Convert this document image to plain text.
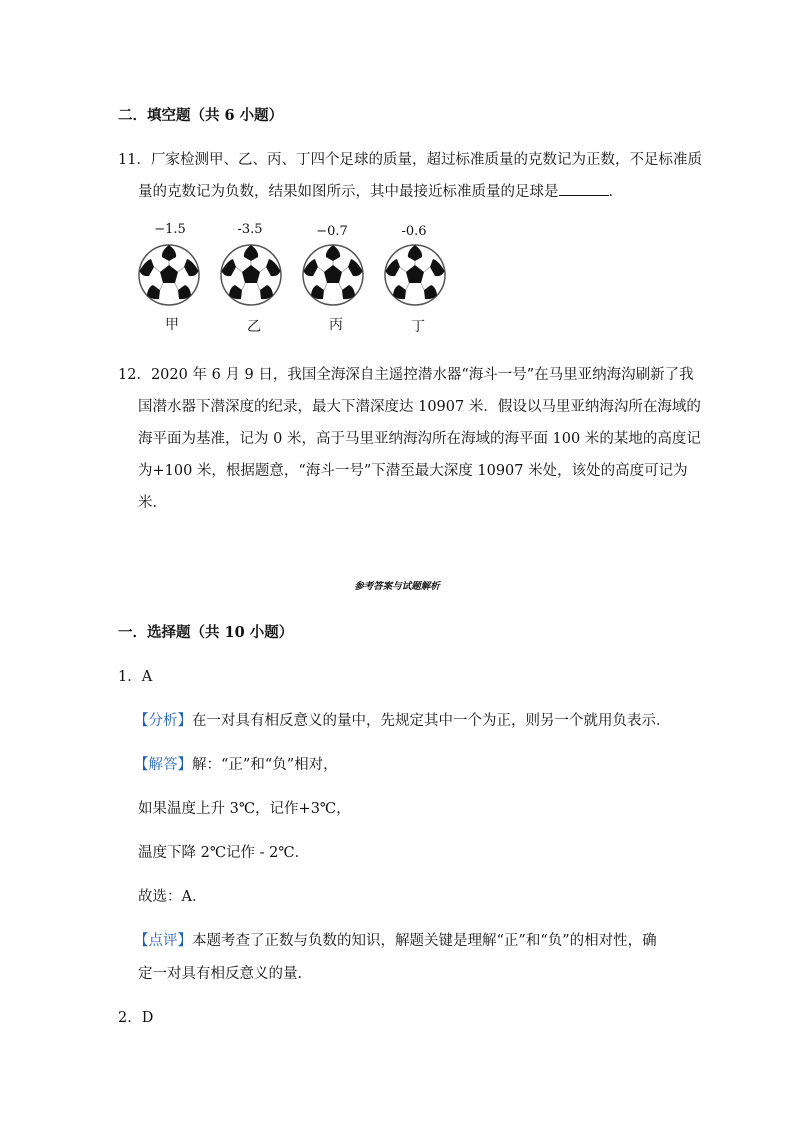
二．填空题（共 6 小题）
11．厂家检测甲、乙、丙、丁四个足球的质量，超过标准质量的克数记为正数，不足标准质
量的克数记为负数，结果如图所示，其中最接近标准质量的足球是	．
−1.5	-3.5	−0.7	-0.6
甲	乙	丙	丁
12．2020 年 6 月 9 日，我国全海深自主遥控潜水器“海斗一号”在马里亚纳海沟刷新了我
国潜水器下潜深度的纪录，最大下潜深度达 10907 米．假设以马里亚纳海沟所在海域的
海平面为基准，记为 0 米，高于马里亚纳海沟所在海域的海平面 100 米的某地的高度记
为+100 米，根据题意，“海斗一号”下潜至最大深度 10907 米处，该处的高度可记为
米．
参考答案与试题解析
一．选择题（共 10 小题）
1．A
【分析】在一对具有相反意义的量中，先规定其中一个为正，则另一个就用负表示．
【解答】解：“正”和“负”相对，
如果温度上升 3℃，记作+3℃，
温度下降 2℃记作 - 2℃．
故选：A．
【点评】本题考查了正数与负数的知识，解题关键是理解“正”和“负”的相对性，确
定一对具有相反意义的量．
2．D
